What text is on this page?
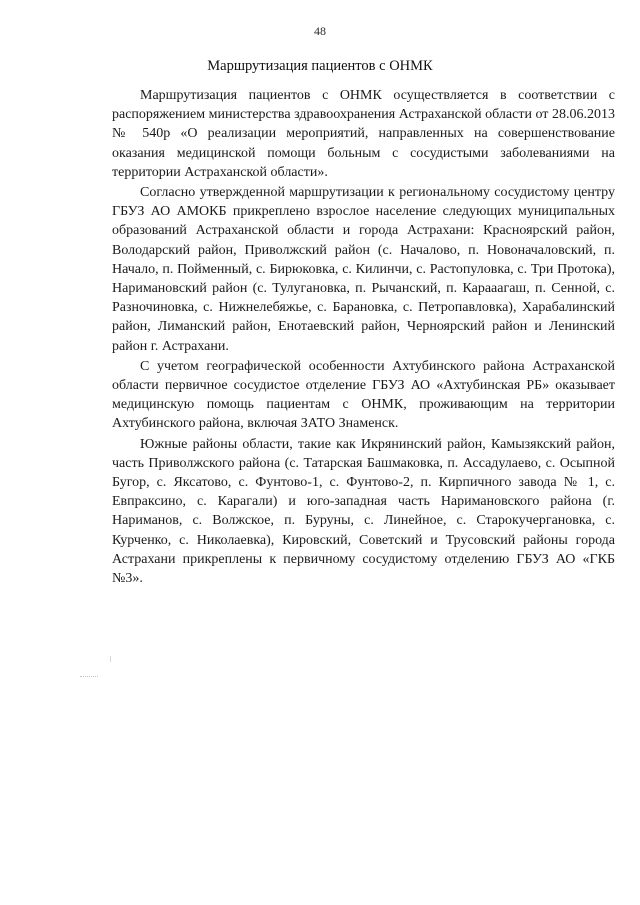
48
Маршрутизация пациентов с ОНМК

Маршрутизация пациентов с ОНМК осуществляется в соответствии с распоряжением министерства здравоохранения Астраханской области от 28.06.2013 № 540р «О реализации мероприятий, направленных на совершенствование оказания медицинской помощи больным с сосудистыми заболеваниями на территории Астраханской области».

Согласно утвержденной маршрутизации к региональному сосудистому центру ГБУЗ АО АМОКБ прикреплено взрослое население следующих муниципальных образований Астраханской области и города Астрахани: Красноярский район, Володарский район, Приволжский район (с. Началово, п. Новоначаловский, п. Начало, п. Пойменный, с. Бирюковка, с. Килинчи, с. Растопуловка, с. Три Протока), Наримановский район (с. Тулугановка, п. Рычанский, п. Карааагаш, п. Сенной, с. Разночиновка, с. Нижнелебяжье, с. Барановка, с. Петропавловка), Харабалинский район, Лиманский район, Енотаевский район, Черноярский район и Ленинский район г. Астрахани.

С учетом географической особенности Ахтубинского района Астраханской области первичное сосудистое отделение ГБУЗ АО «Ахтубинская РБ» оказывает медицинскую помощь пациентам с ОНМК, проживающим на территории Ахтубинского района, включая ЗАТО Знаменск.

Южные районы области, такие как Икрянинский район, Камызякский район, часть Приволжского района (с. Татарская Башмаковка, п. Ассадулаево, с. Осыпной Бугор, с. Яксатово, с. Фунтово-1, с. Фунтово-2, п. Кирпичного завода № 1, с. Евпраксино, с. Карагали) и юго-западная часть Наримановского района (г. Нариманов, с. Волжское, п. Буруны, с. Линейное, с. Старокучергановка, с. Курченко, с. Николаевка), Кировский, Советский и Трусовский районы города Астрахани прикреплены к первичному сосудистому отделению ГБУЗ АО «ГКБ №3».
